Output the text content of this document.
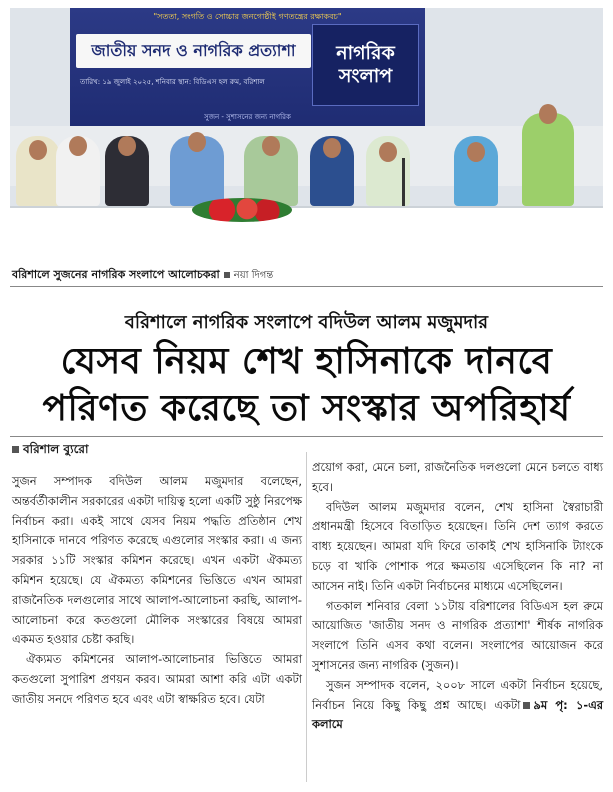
"সততা, সংগতি ও সোচ্চার জনগোষ্ঠীই গণতন্ত্রের রক্ষাকবচ"
জাতীয় সনদ ও নাগরিক প্রত্যাশা	নাগরিক
সংলাপ
তারিখ: ১৯ জুলাই ২০২৫, শনিবার স্থান: বিডিএস হল রুম, বরিশাল
সুজন - সুশাসনের জন্য নাগরিক
বরিশালে সুজনের নাগরিক সংলাপে আলোচকরা নয়া দিগন্ত
বরিশালে নাগরিক সংলাপে বদিউল আলম মজুমদার
যেসব নিয়ম শেখ হাসিনাকে দানবে
পরিণত করেছে তা সংস্কার অপরিহার্য
বরিশাল ব্যুরো

সুজন সম্পাদক বদিউল আলম মজুমদার বলেছেন, অন্তর্বর্তীকালীন সরকারের একটা দায়িত্ব হলো একটি সুষ্ঠু নিরপেক্ষ নির্বাচন করা। একই সাথে যেসব নিয়ম পদ্ধতি প্রতিষ্ঠান শেখ হাসিনাকে দানবে পরিণত করেছে এগুলোর সংস্কার করা। এ জন্য সরকার ১১টি সংস্কার কমিশন করেছে। এখন একটা ঐকমত্য কমিশন হয়েছে। যে ঐকমত্য কমিশনের ভিত্তিতে এখন আমরা রাজনৈতিক দলগুলোর সাথে আলাপ-আলোচনা করছি, আলাপ-আলোচনা করে কতগুলো মৌলিক সংস্কারের বিষয়ে আমরা একমত হওয়ার চেষ্টা করছি।

ঐক্যমত কমিশনের আলাপ-আলোচনার ভিত্তিতে আমরা কতগুলো সুপারিশ প্রণয়ন করব। আমরা আশা করি এটা একটা জাতীয় সনদে পরিণত হবে এবং এটা স্বাক্ষরিত হবে। যেটা

প্রয়োগ করা, মেনে চলা, রাজনৈতিক দলগুলো মেনে চলতে বাধ্য হবে।

বদিউল আলম মজুমদার বলেন, শেখ হাসিনা স্বৈরাচারী প্রধানমন্ত্রী হিসেবে বিতাড়িত হয়েছেন। তিনি দেশ ত্যাগ করতে বাধ্য হয়েছেন। আমরা যদি ফিরে তাকাই শেখ হাসিনাকি ট্যাংকে চড়ে বা খাকি পোশাক পরে ক্ষমতায় এসেছিলেন কি না? না আসেন নাই। তিনি একটা নির্বাচনের মাধ্যমে এসেছিলেন।

গতকাল শনিবার বেলা ১১টায় বরিশালের বিডিএস হল রুমে আয়োজিত 'জাতীয় সনদ ও নাগরিক প্রত্যাশা' শীর্ষক নাগরিক সংলাপে তিনি এসব কথা বলেন। সংলাপের আয়োজন করে সুশাসনের জন্য নাগরিক (সুজন)।

সুজন সম্পাদক বলেন, ২০০৮ সালে একটা নির্বাচন হয়েছে, নির্বাচন নিয়ে কিছু কিছু প্রশ্ন আছে। একটা ৯ম পৃ: ১-এর কলামে
